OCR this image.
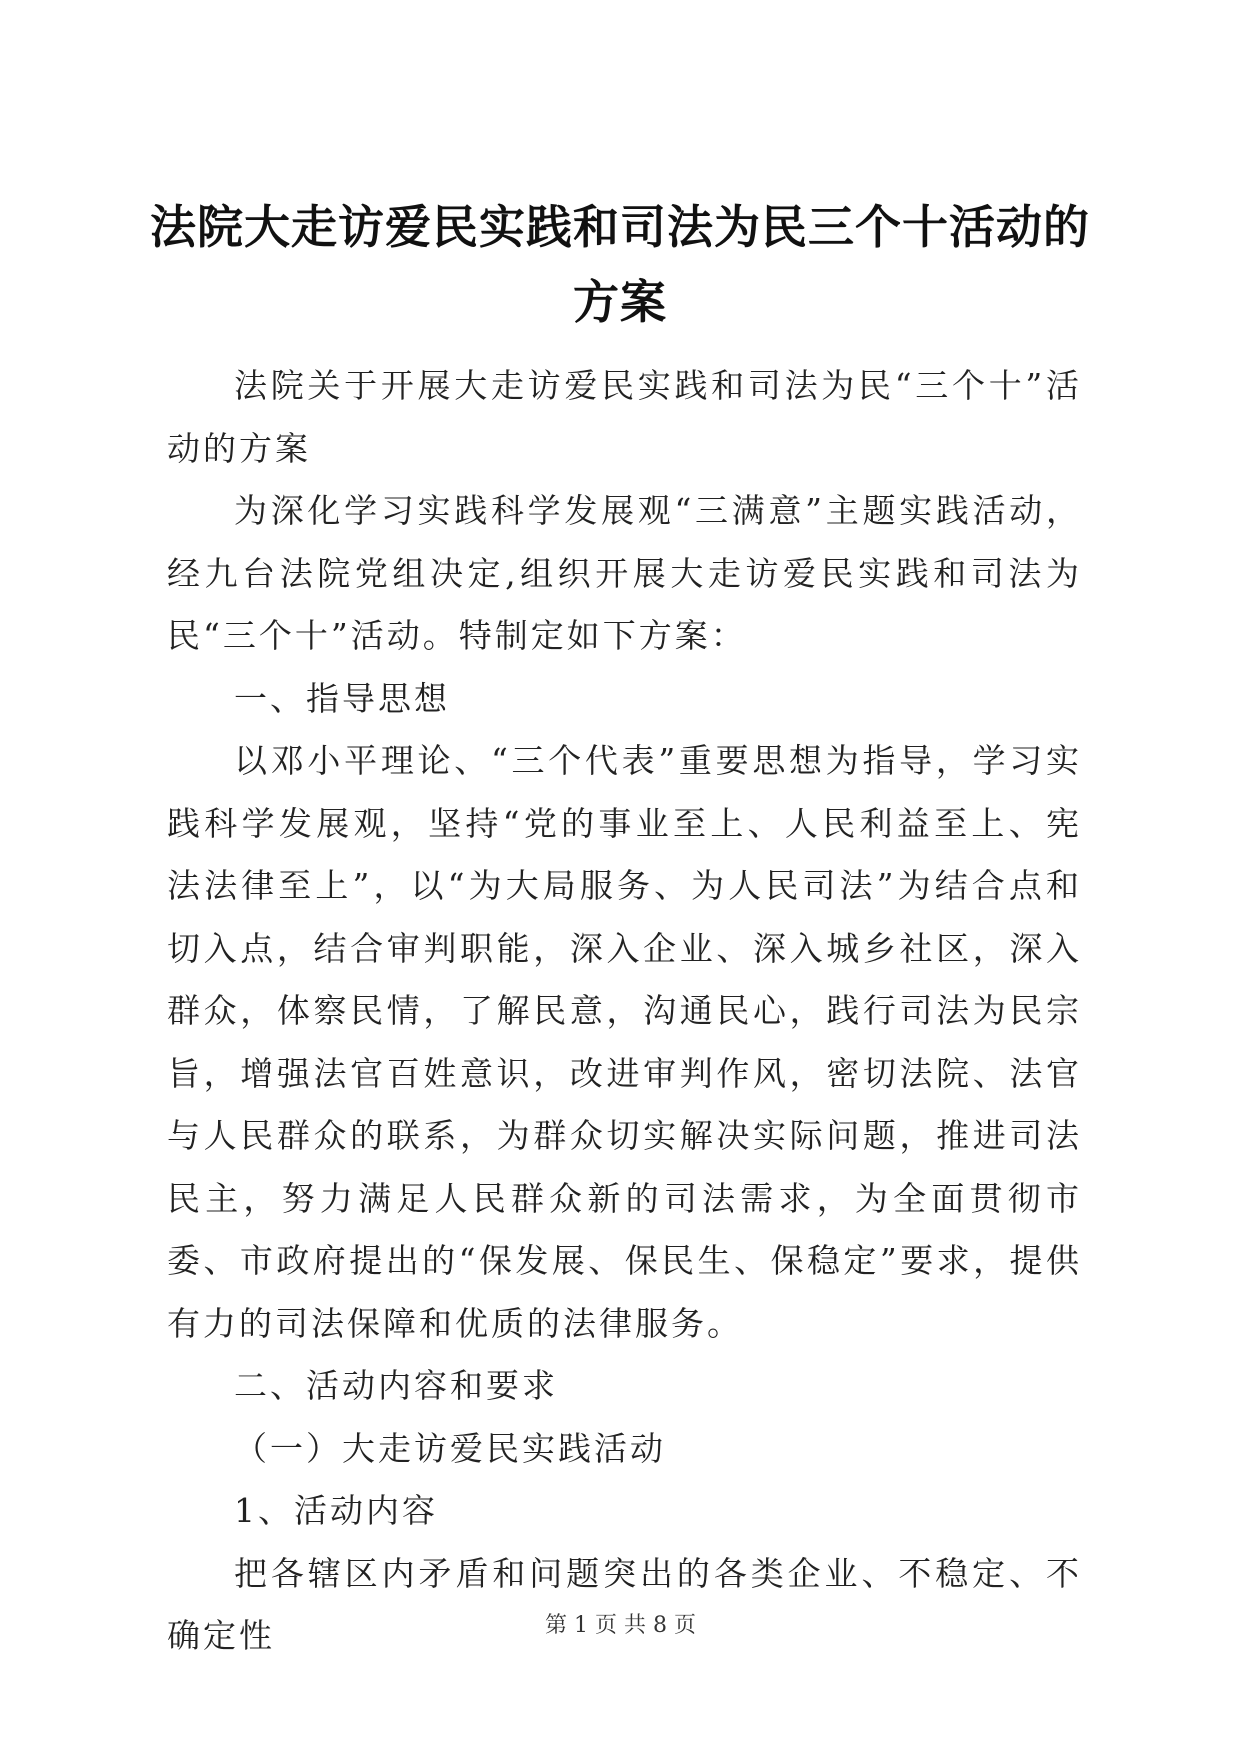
法院大走访爱民实践和司法为民三个十活动的
方案

法院关于开展大走访爱民实践和司法为民“三个十”活动的方案

为深化学习实践科学发展观“三满意”主题实践活动，经九台法院党组决定,组织开展大走访爱民实践和司法为民“三个十”活动。特制定如下方案：

一、指导思想

以邓小平理论、“三个代表”重要思想为指导，学习实践科学发展观，坚持“党的事业至上、人民利益至上、宪法法律至上”，以“为大局服务、为人民司法”为结合点和切入点，结合审判职能，深入企业、深入城乡社区，深入群众，体察民情，了解民意，沟通民心，践行司法为民宗旨，增强法官百姓意识，改进审判作风，密切法院、法官与人民群众的联系，为群众切实解决实际问题，推进司法民主，努力满足人民群众新的司法需求，为全面贯彻市委、市政府提出的“保发展、保民生、保稳定”要求，提供有力的司法保障和优质的法律服务。

二、活动内容和要求

（一）大走访爱民实践活动

1、活动内容

把各辖区内矛盾和问题突出的各类企业、不稳定、不确定性	第 1 页 共 8 页
